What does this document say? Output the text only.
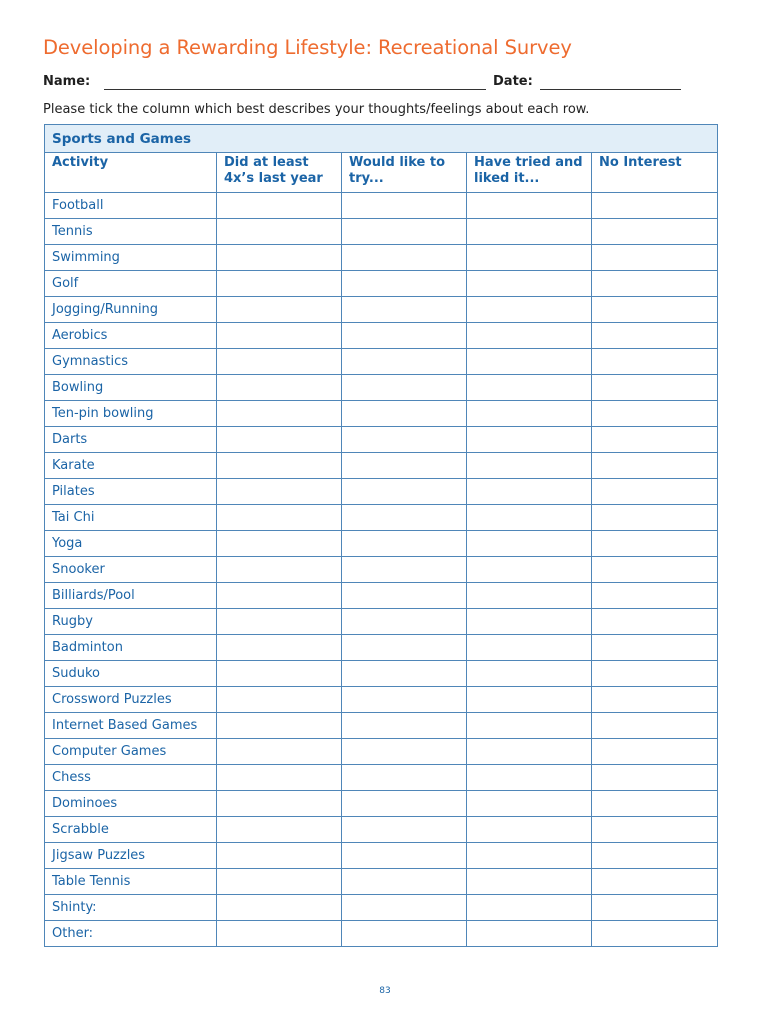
Developing a Rewarding Lifestyle: Recreational Survey
Name:	Date:
Please tick the column which best describes your thoughts/feelings about each row.
Sports and Games				
Activity	Did at least 4x’s last year	Would like to try...	Have tried and liked it...	No Interest
Football				
Tennis				
Swimming				
Golf				
Jogging/Running				
Aerobics				
Gymnastics				
Bowling				
Ten-pin bowling				
Darts				
Karate				
Pilates				
Tai Chi				
Yoga				
Snooker				
Billiards/Pool				
Rugby				
Badminton				
Suduko				
Crossword Puzzles				
Internet Based Games				
Computer Games				
Chess				
Dominoes				
Scrabble				
Jigsaw Puzzles				
Table Tennis				
Shinty:				
Other:				
83
